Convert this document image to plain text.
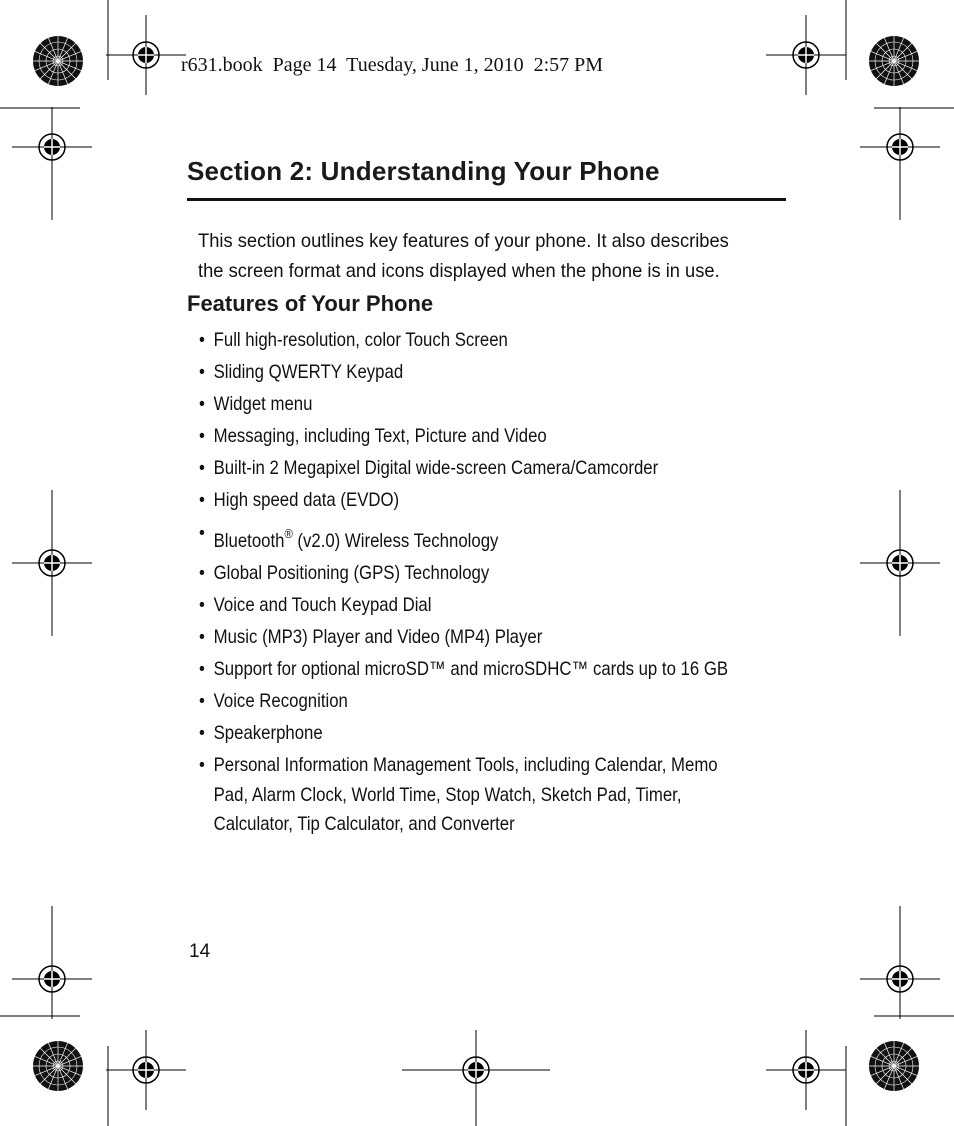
r631.book  Page 14  Tuesday, June 1, 2010  2:57 PM

Section 2: Understanding Your Phone

This section outlines key features of your phone. It also describes the screen format and icons displayed when the phone is in use.

Features of Your Phone
• Full high-resolution, color Touch Screen
• Sliding QWERTY Keypad
• Widget menu
• Messaging, including Text, Picture and Video
• Built-in 2 Megapixel Digital wide-screen Camera/Camcorder
• High speed data (EVDO)
• Bluetooth® (v2.0) Wireless Technology
• Global Positioning (GPS) Technology
• Voice and Touch Keypad Dial
• Music (MP3) Player and Video (MP4) Player
• Support for optional microSD™ and microSDHC™ cards up to 16 GB
• Voice Recognition
• Speakerphone
• Personal Information Management Tools, including Calendar, Memo Pad, Alarm Clock, World Time, Stop Watch, Sketch Pad, Timer, Calculator, Tip Calculator, and Converter

14
